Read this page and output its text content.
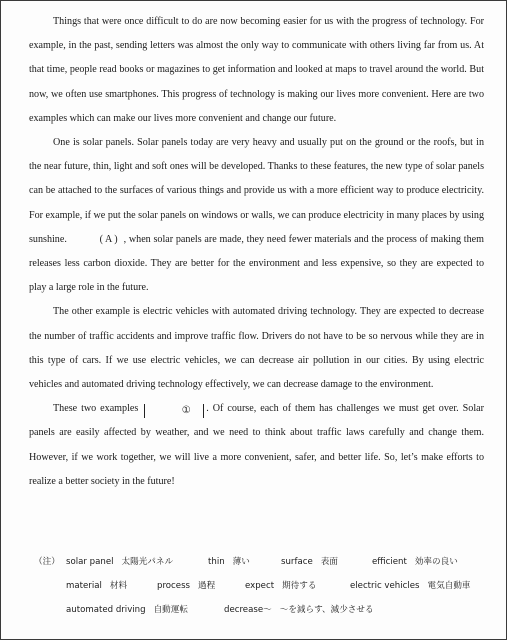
Things that were once difficult to do are now becoming easier for us with the progress of technology. For example, in the past, sending letters was almost the only way to communicate with others living far from us. At that time, people read books or magazines to get information and looked at maps to travel around the world. But now, we often use smartphones. This progress of technology is making our lives more convenient. Here are two examples which can make our lives more convenient and change our future.

One is solar panels. Solar panels today are very heavy and usually put on the ground or the roofs, but in the near future, thin, light and soft ones will be developed. Thanks to these features, the new type of solar panels can be attached to the surfaces of various things and provide us with a more efficient way to produce electricity. For example, if we put the solar panels on windows or walls, we can produce electricity in many places by using sunshine.	( A ) , when solar panels are made, they need fewer materials and the process of making them releases less carbon dioxide. They are better for the environment and less expensive, so they are expected to play a large role in the future.

The other example is electric vehicles with automated driving technology. They are expected to decrease the number of traffic accidents and improve traffic flow. Drivers do not have to be so nervous while they are in this type of cars. If we use electric vehicles, we can decrease air pollution in our cities. By using electric vehicles and automated driving technology effectively, we can decrease damage to the environment.

These two examples	① . Of course, each of them has challenges we must get over. Solar panels are easily affected by weather, and we need to think about traffic laws carefully and change them. However, if we work together, we will live a more convenient, safer, and better life. So, let’s make efforts to realize a better society in the future!

（注） solar panel 太陽光パネル	thin 薄い	surface 表面	efficient 効率の良い
material 材料	process 過程	expect 期待する	electric vehicles 電気自動車
automated driving 自動運転	decrease～ ～を減らす、減少させる
